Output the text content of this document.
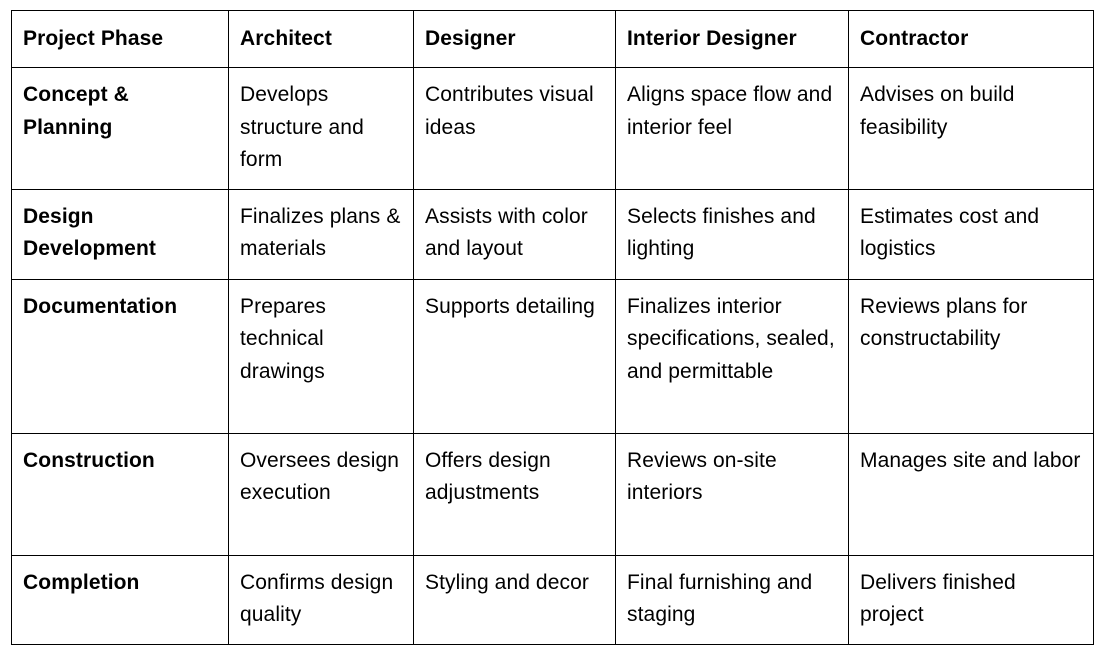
Project Phase	Architect	Designer	Interior Designer	Contractor
Concept & Planning	Develops structure and form	Contributes visual ideas	Aligns space flow and interior feel	Advises on build feasibility
Design Development	Finalizes plans & materials	Assists with color and layout	Selects finishes and lighting	Estimates cost and logistics
Documentation	Prepares technical drawings	Supports detailing	Finalizes interior specifications, sealed, and permittable	Reviews plans for constructability
Construction	Oversees design execution	Offers design adjustments	Reviews on-site interiors	Manages site and labor
Completion	Confirms design quality	Styling and decor	Final furnishing and staging	Delivers finished project
